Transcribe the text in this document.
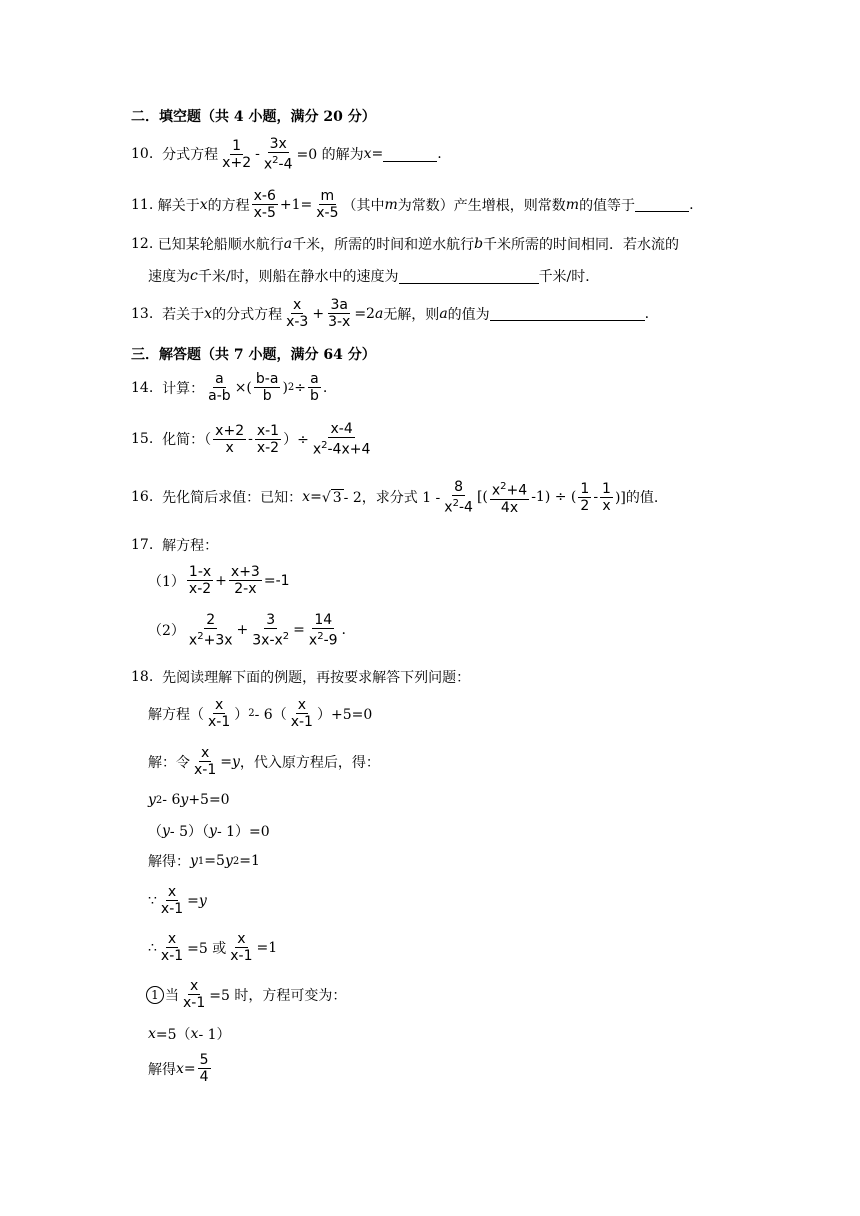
二．填空题（共 4 小题，满分 20 分）
10.
分式方程 $\frac{1}{x+2} - \frac{3x}{x^2-4} =0$ 的解为 x =	.
11.
解关于 x 的方程 $\frac{x-6}{x-5} +1= \frac{m}{x-5}$ （其中 m 为常数）产生增根，则常数 m 的值等于	.
12.
已知某轮船顺水航行 a 千米，所需的时间和逆水航行 b 千米所需的时间相同．若水流的
速度为 c 千米/时，则船在静水中的速度为	千米/时．
13.
若关于 x 的分式方程 $\frac{x}{x-3} + \frac{3a}{3-x} =2$ a 无解，则 a 的值为	.
三．解答题（共 7 小题，满分 64 分）
14.
计算： $\frac{a}{a-b}$ ×( $\frac{b-a}{b}$ ) $2 \div \frac{a}{b}$ .
15.
化简：（ $\frac{x+2}{x} - \frac{x-1}{x-2}$ ）÷ $\frac{x-4}{x^2-4x+4}$
16.
先化简后求值：已知： x = √ 3 - 2，求分式 $1 - \frac{8}{x^2-4}$ [( $\frac{x^2+4}{4x} -1$) ÷ ( $\frac{1}{2} - \frac{1}{x}$ )]的值.
17.
解方程：
$(1) \frac{1-x}{x-2} + \frac{x+3}{2-x} =-1$
$(2) \frac{2}{x^2+3x} + \frac{3}{3x-x^2} = \frac{14}{x^2-9}$ .
18.
先阅读理解下面的例题，再按要求解答下列问题：
解方程（ $\frac{x}{x-1}$ ） $2 - 6( \frac{x}{x-1} )+5=0$
解：令 $\frac{x}{x-1} = y$ ，代入原方程后，得：
y 2 - 6 y +5=0
（ y - 5）（ y - 1）=0
解得： y 1 =5 y 2 =1
∵ $\frac{x}{x-1} = y$
∴ $\frac{x}{x-1} =5$ 或 $\frac{x}{x-1} =1$
1 当 $\frac{x}{x-1} =5$ 时，方程可变为：
x =5（ x - 1）
解得 $x = \frac{5}{4}$
